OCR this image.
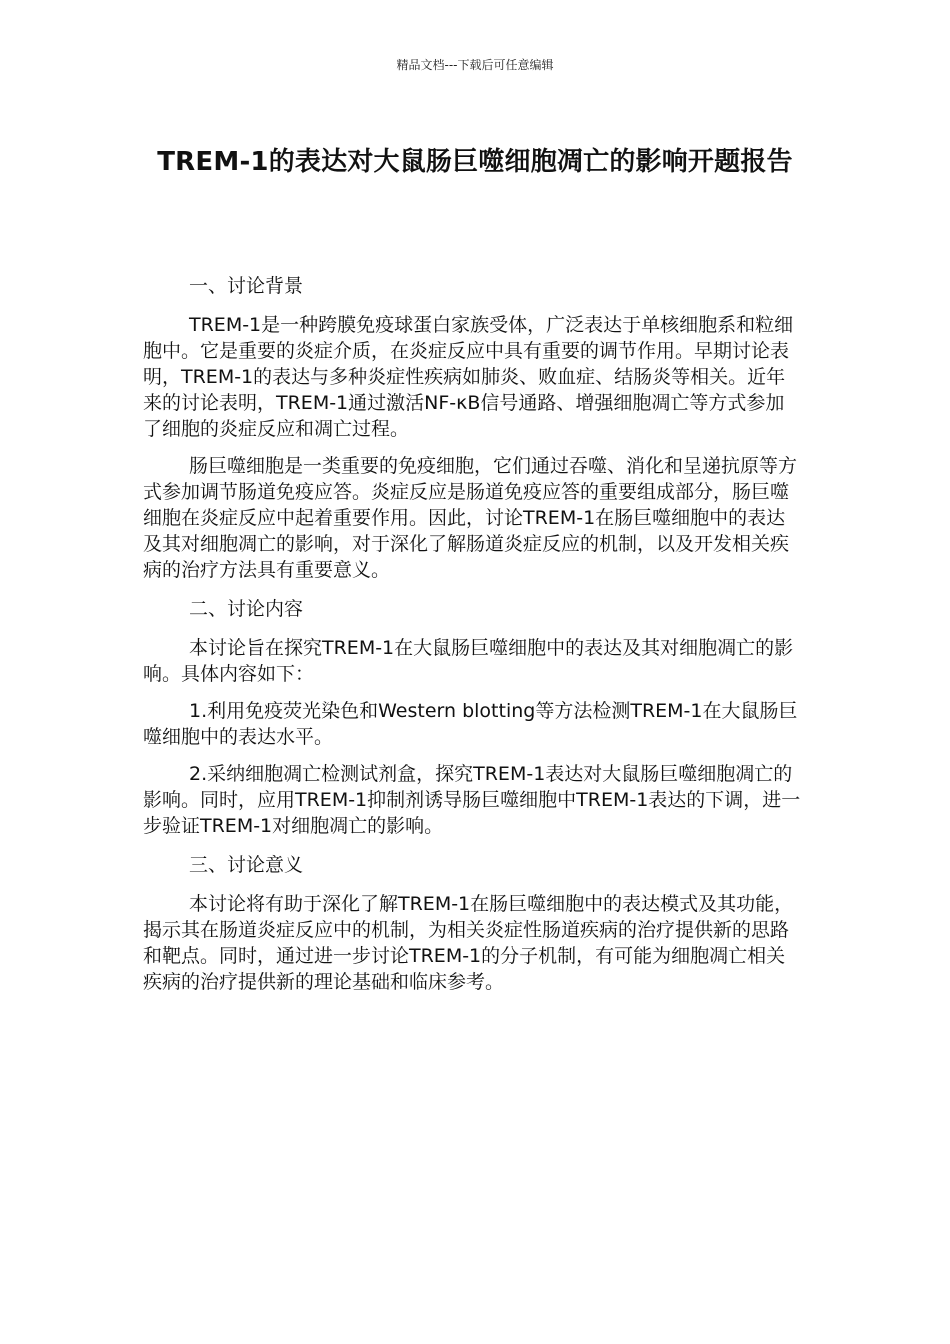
精品文档---下载后可任意编辑
TREM-1的表达对大鼠肠巨噬细胞凋亡的影响开题报告
一、讨论背景

TREM-1是一种跨膜免疫球蛋白家族受体，广泛表达于单核细胞系和粒细胞中。它是重要的炎症介质，在炎症反应中具有重要的调节作用。早期讨论表明，TREM-1的表达与多种炎症性疾病如肺炎、败血症、结肠炎等相关。近年来的讨论表明，TREM-1通过激活NF-κB信号通路、增强细胞凋亡等方式参加了细胞的炎症反应和凋亡过程。

肠巨噬细胞是一类重要的免疫细胞，它们通过吞噬、消化和呈递抗原等方式参加调节肠道免疫应答。炎症反应是肠道免疫应答的重要组成部分，肠巨噬细胞在炎症反应中起着重要作用。因此，讨论TREM-1在肠巨噬细胞中的表达及其对细胞凋亡的影响，对于深化了解肠道炎症反应的机制，以及开发相关疾病的治疗方法具有重要意义。

二、讨论内容

本讨论旨在探究TREM-1在大鼠肠巨噬细胞中的表达及其对细胞凋亡的影响。具体内容如下：

1.利用免疫荧光染色和Western blotting等方法检测TREM-1在大鼠肠巨噬细胞中的表达水平。

2.采纳细胞凋亡检测试剂盒，探究TREM-1表达对大鼠肠巨噬细胞凋亡的影响。同时，应用TREM-1抑制剂诱导肠巨噬细胞中TREM-1表达的下调，进一步验证TREM-1对细胞凋亡的影响。

三、讨论意义

本讨论将有助于深化了解TREM-1在肠巨噬细胞中的表达模式及其功能，揭示其在肠道炎症反应中的机制，为相关炎症性肠道疾病的治疗提供新的思路和靶点。同时，通过进一步讨论TREM-1的分子机制，有可能为细胞凋亡相关疾病的治疗提供新的理论基础和临床参考。
